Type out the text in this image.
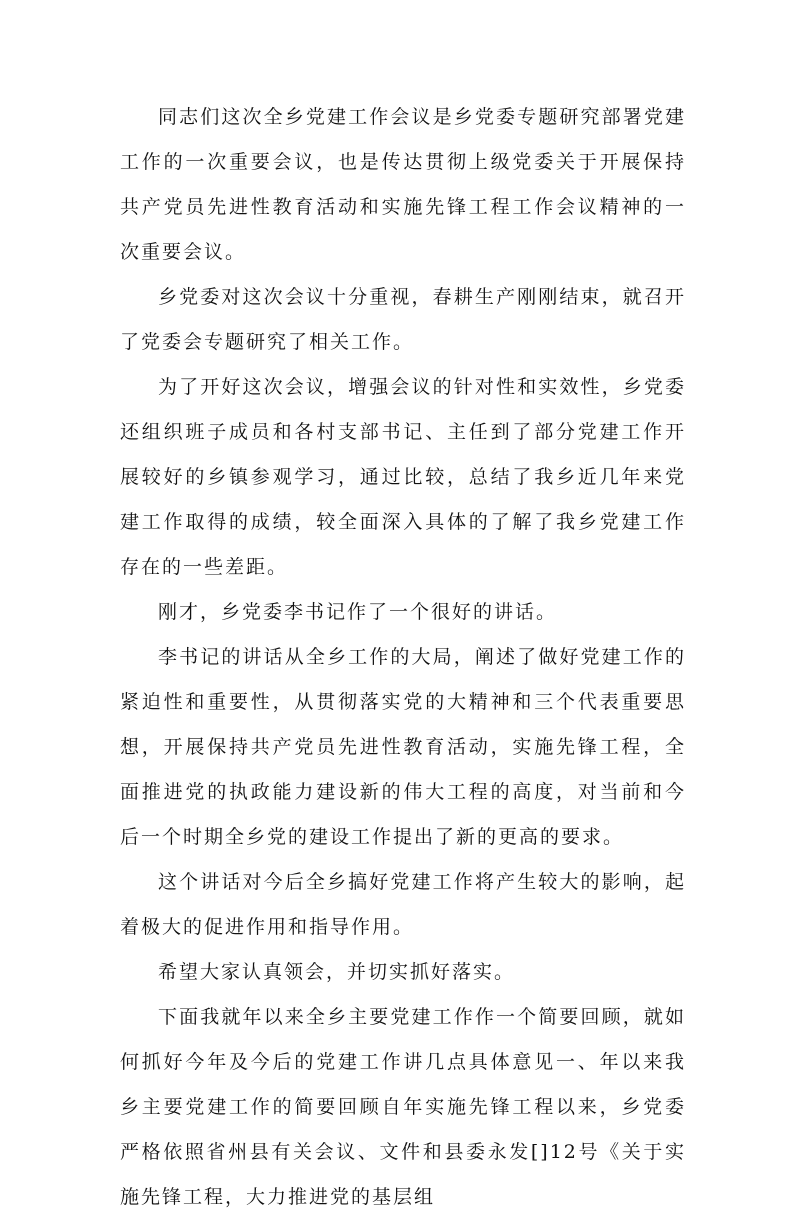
同志们这次全乡党建工作会议是乡党委专题研究部署党建工作的一次重要会议，也是传达贯彻上级党委关于开展保持共产党员先进性教育活动和实施先锋工程工作会议精神的一次重要会议。

乡党委对这次会议十分重视，春耕生产刚刚结束，就召开了党委会专题研究了相关工作。

为了开好这次会议，增强会议的针对性和实效性，乡党委还组织班子成员和各村支部书记、主任到了部分党建工作开展较好的乡镇参观学习，通过比较，总结了我乡近几年来党建工作取得的成绩，较全面深入具体的了解了我乡党建工作存在的一些差距。

刚才，乡党委李书记作了一个很好的讲话。

李书记的讲话从全乡工作的大局，阐述了做好党建工作的紧迫性和重要性，从贯彻落实党的大精神和三个代表重要思想，开展保持共产党员先进性教育活动，实施先锋工程，全面推进党的执政能力建设新的伟大工程的高度，对当前和今后一个时期全乡党的建设工作提出了新的更高的要求。

这个讲话对今后全乡搞好党建工作将产生较大的影响，起着极大的促进作用和指导作用。

希望大家认真领会，并切实抓好落实。

下面我就年以来全乡主要党建工作作一个简要回顾，就如何抓好今年及今后的党建工作讲几点具体意见一、年以来我乡主要党建工作的简要回顾自年实施先锋工程以来，乡党委严格依照省州县有关会议、文件和县委永发[]12号《关于实施先锋工程，大力推进党的基层组
